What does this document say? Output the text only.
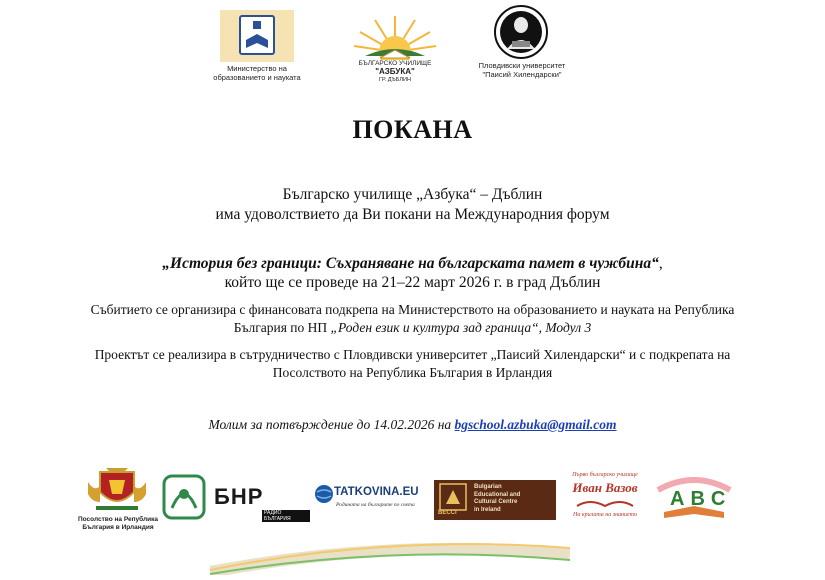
Министерство на
образованието и науката
БЪЛГАРСКО УЧИЛИЩЕ
"АЗБУКА"
ГР. ДЪБЛИН
Пловдивски университет
"Паисий Хилендарски"
ПОКАНА
Българско училище „Азбука“ – Дъблин
има удоволствието да Ви покани на Международния форум
„История без граници: Съхраняване на българската памет в чужбина“,
който ще се проведе на 21–22 март 2026 г. в град Дъблин
Събитието се организира с финансовата подкрепа на Министерството на образованието и науката на Република
България по НП „Роден език и култура зад граница“, Модул 3
Проектът се реализира в сътрудничество с Пловдивски университет „Паисий Хилендарски“ и с подкрепата на
Посолството на Република България в Ирландия
Молим за потвърждение до 14.02.2026 на bgschool.azbuka@gmail.com
Посолство на Република
България в Ирландия
БНР
РАДИО БЪЛГАРИЯ
TATKOVINA.EU
Родината на българите по света
BECCI
Bulgarian
Educational and
Cultural Centre
in Ireland
Първо българско училище
Иван Вазов
На крилата на знанието
ABC
